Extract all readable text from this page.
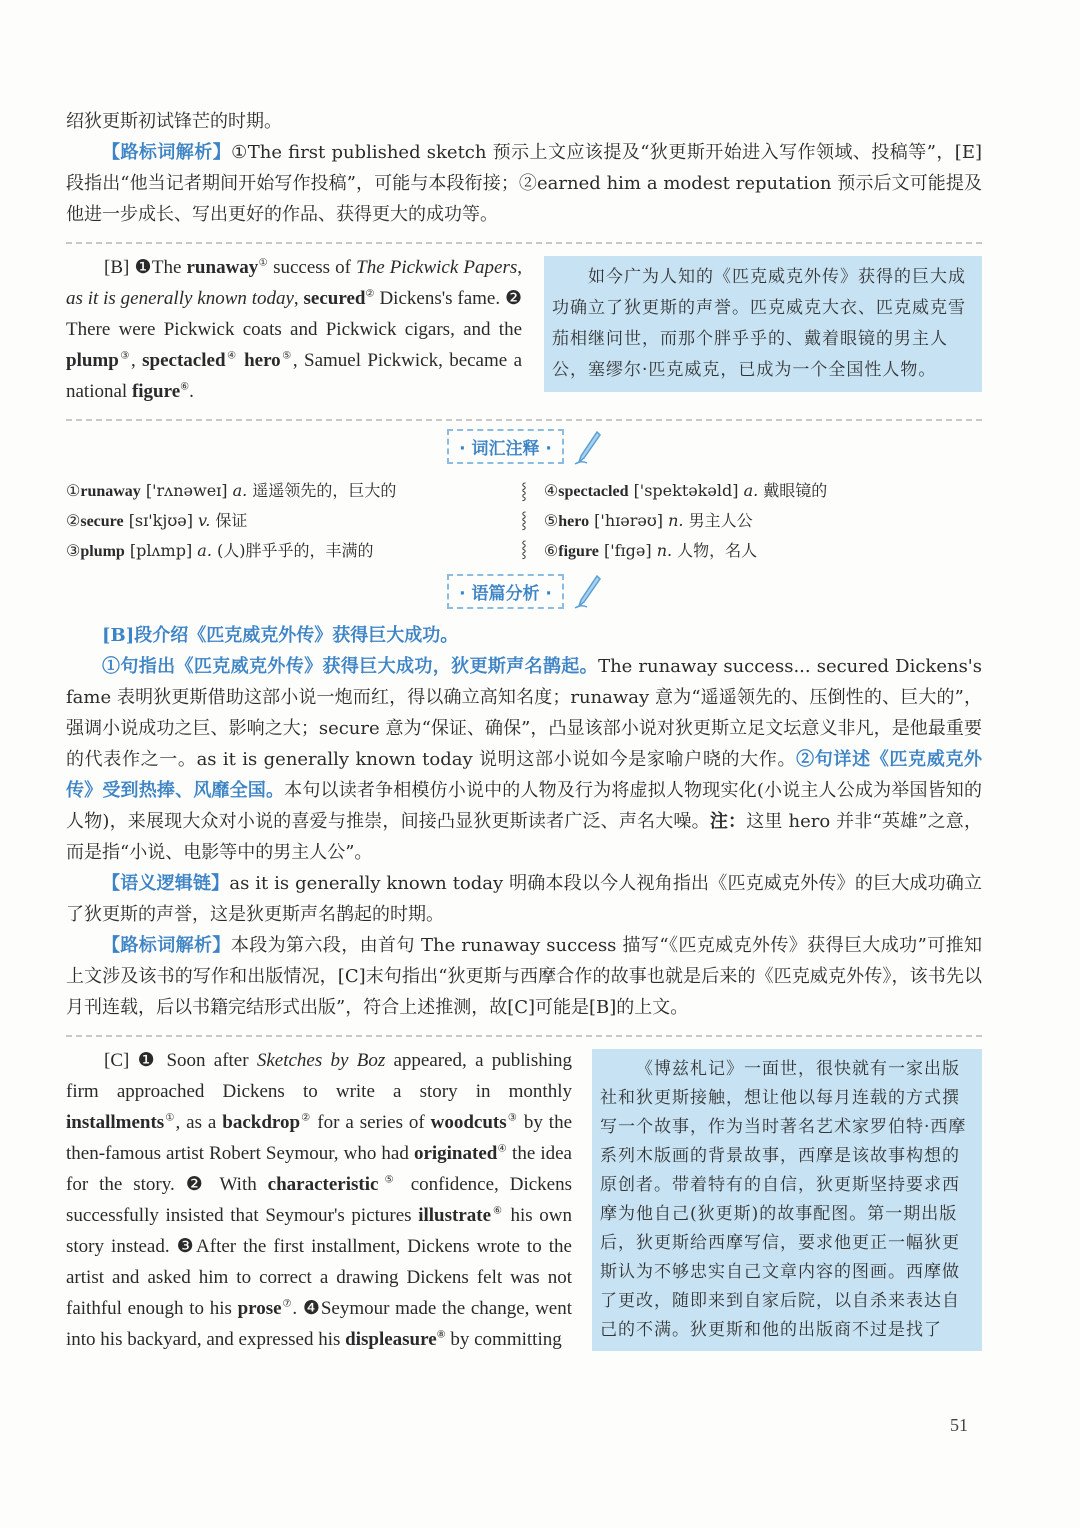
绍狄更斯初试锋芒的时期。

【路标词解析】①The first published sketch 预示上文应该提及“狄更斯开始进入写作领域、投稿等”，[E]段指出“他当记者期间开始写作投稿”，可能与本段衔接；②earned him a modest reputation 预示后文可能提及他进一步成长、写出更好的作品、获得更大的成功等。

[B] ❶The runaway① success of The Pickwick Papers, as it is generally known today, secured② Dickens's fame. ❷ There were Pickwick coats and Pickwick cigars, and the plump③, spectacled④ hero⑤, Samuel Pickwick, became a national figure⑥.

如今广为人知的《匹克威克外传》获得的巨大成功确立了狄更斯的声誉。匹克威克大衣、匹克威克雪茄相继问世，而那个胖乎乎的、戴着眼镜的男主人公，塞缪尔·匹克威克，已成为一个全国性人物。
· 词汇注释 ·
①runaway ['rʌnəweɪ] a. 遥遥领先的，巨大的
②secure [sɪ'kjʊə] v. 保证
③plump [plʌmp] a. (人)胖乎乎的，丰满的
⸾
⸾
⸾
④spectacled ['spektəkəld] a. 戴眼镜的
⑤hero ['hɪərəʊ] n. 男主人公
⑥figure ['fɪgə] n. 人物，名人
· 语篇分析 ·

[B]段介绍《匹克威克外传》获得巨大成功。

①句指出《匹克威克外传》获得巨大成功，狄更斯声名鹊起。The runaway success... secured Dickens's fame 表明狄更斯借助这部小说一炮而红，得以确立高知名度；runaway 意为“遥遥领先的、压倒性的、巨大的”，强调小说成功之巨、影响之大；secure 意为“保证、确保”，凸显该部小说对狄更斯立足文坛意义非凡，是他最重要的代表作之一。as it is generally known today 说明这部小说如今是家喻户晓的大作。②句详述《匹克威克外传》受到热捧、风靡全国。本句以读者争相模仿小说中的人物及行为将虚拟人物现实化(小说主人公成为举国皆知的人物)，来展现大众对小说的喜爱与推崇，间接凸显狄更斯读者广泛、声名大噪。注：这里 hero 并非“英雄”之意，而是指“小说、电影等中的男主人公”。

【语义逻辑链】as it is generally known today 明确本段以今人视角指出《匹克威克外传》的巨大成功确立了狄更斯的声誉，这是狄更斯声名鹊起的时期。

【路标词解析】本段为第六段，由首句 The runaway success 描写“《匹克威克外传》获得巨大成功”可推知上文涉及该书的写作和出版情况，[C]末句指出“狄更斯与西摩合作的故事也就是后来的《匹克威克外传》，该书先以月刊连载，后以书籍完结形式出版”，符合上述推测，故[C]可能是[B]的上文。

[C] ❶ Soon after Sketches by Boz appeared, a publishing firm approached Dickens to write a story in monthly installments①, as a backdrop② for a series of woodcuts③ by the then-famous artist Robert Seymour, who had originated④ the idea for the story. ❷ With characteristic⑤ confidence, Dickens successfully insisted that Seymour's pictures illustrate⑥ his own story instead. ❸After the first installment, Dickens wrote to the artist and asked him to correct a drawing Dickens felt was not faithful enough to his prose⑦. ❹Seymour made the change, went into his backyard, and expressed his displeasure⑧ by committing

《博兹札记》一面世，很快就有一家出版社和狄更斯接触，想让他以每月连载的方式撰写一个故事，作为当时著名艺术家罗伯特·西摩系列木版画的背景故事，西摩是该故事构想的原创者。带着特有的自信，狄更斯坚持要求西摩为他自己(狄更斯)的故事配图。第一期出版后，狄更斯给西摩写信，要求他更正一幅狄更斯认为不够忠实自己文章内容的图画。西摩做了更改，随即来到自家后院，以自杀来表达自己的不满。狄更斯和他的出版商不过是找了
51
